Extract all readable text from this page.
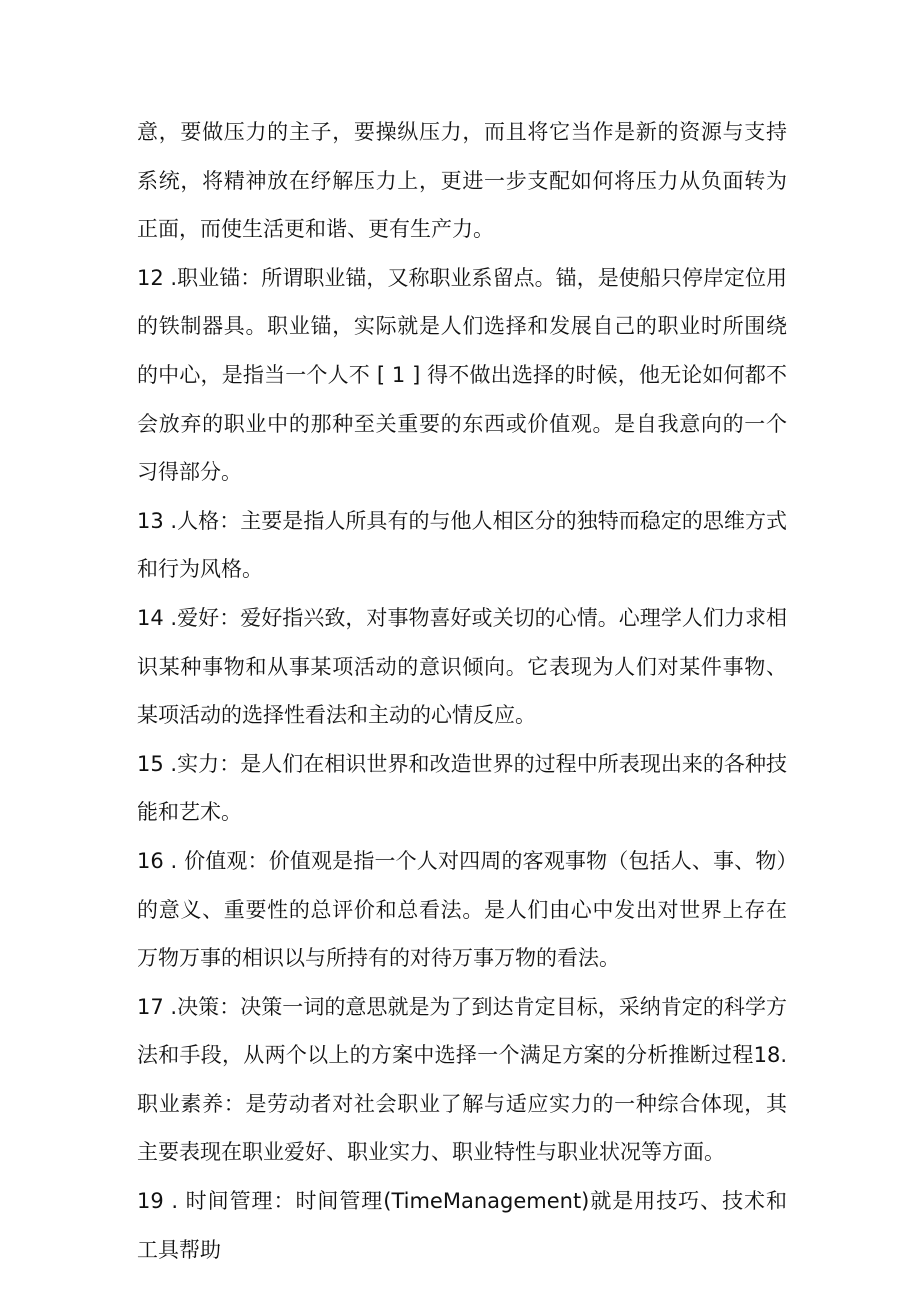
意，要做压力的主子，要操纵压力，而且将它当作是新的资源与支持系统，将精神放在纾解压力上，更进一步支配如何将压力从负面转为正面，而使生活更和谐、更有生产力。

12 .职业锚：所谓职业锚，又称职业系留点。锚，是使船只停岸定位用的铁制器具。职业锚，实际就是人们选择和发展自己的职业时所围绕的中心，是指当一个人不 [ 1 ] 得不做出选择的时候，他无论如何都不会放弃的职业中的那种至关重要的东西或价值观。是自我意向的一个习得部分。

13 .人格：主要是指人所具有的与他人相区分的独特而稳定的思维方式和行为风格。

14 .爱好：爱好指兴致，对事物喜好或关切的心情。心理学人们力求相识某种事物和从事某项活动的意识倾向。它表现为人们对某件事物、某项活动的选择性看法和主动的心情反应。

15 .实力：是人们在相识世界和改造世界的过程中所表现出来的各种技能和艺术。

16 . 价值观：价值观是指一个人对四周的客观事物（包括人、事、物）的意义、重要性的总评价和总看法。是人们由心中发出对世界上存在万物万事的相识以与所持有的对待万事万物的看法。

17 .决策：决策一词的意思就是为了到达肯定目标，采纳肯定的科学方法和手段，从两个以上的方案中选择一个满足方案的分析推断过程18. 职业素养：是劳动者对社会职业了解与适应实力的一种综合体现，其主要表现在职业爱好、职业实力、职业特性与职业状况等方面。

19 . 时间管理：时间管理(TimeManagement)就是用技巧、技术和工具帮助
